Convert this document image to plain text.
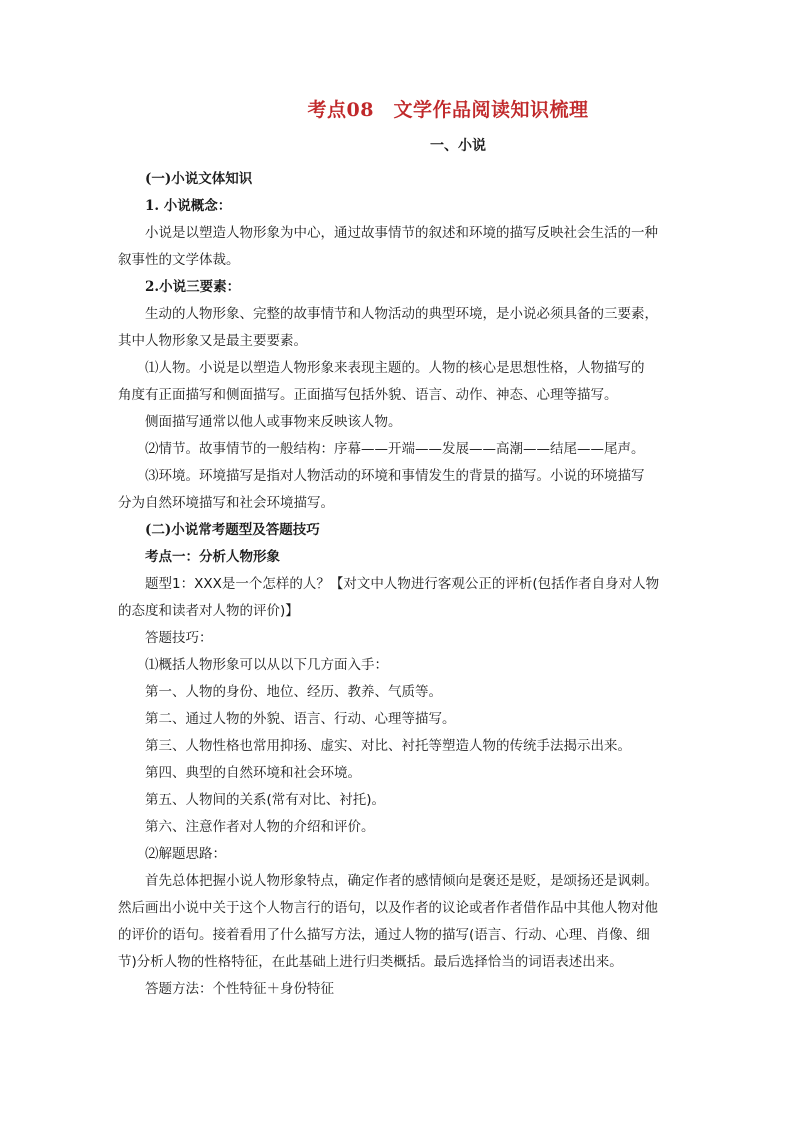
考点08　文学作品阅读知识梳理
一、小说
(一)小说文体知识
1. 小说概念：
小说是以塑造人物形象为中心，通过故事情节的叙述和环境的描写反映社会生活的一种
叙事性的文学体裁。
2.小说三要素：
生动的人物形象、完整的故事情节和人物活动的典型环境，是小说必须具备的三要素，
其中人物形象又是最主要要素。
⑴人物。小说是以塑造人物形象来表现主题的。人物的核心是思想性格，人物描写的
角度有正面描写和侧面描写。正面描写包括外貌、语言、动作、神态、心理等描写。
侧面描写通常以他人或事物来反映该人物。
⑵情节。故事情节的一般结构：序幕——开端——发展——高潮——结尾——尾声。
⑶环境。环境描写是指对人物活动的环境和事情发生的背景的描写。小说的环境描写
分为自然环境描写和社会环境描写。
(二)小说常考题型及答题技巧
考点一：分析人物形象
题型1：XXX是一个怎样的人？【对文中人物进行客观公正的评析(包括作者自身对人物
的态度和读者对人物的评价)】
答题技巧：
⑴概括人物形象可以从以下几方面入手：
第一、人物的身份、地位、经历、教养、气质等。
第二、通过人物的外貌、语言、行动、心理等描写。
第三、人物性格也常用抑扬、虚实、对比、衬托等塑造人物的传统手法揭示出来。
第四、典型的自然环境和社会环境。
第五、人物间的关系(常有对比、衬托)。
第六、注意作者对人物的介绍和评价。
⑵解题思路：
首先总体把握小说人物形象特点，确定作者的感情倾向是褒还是贬，是颂扬还是讽刺。
然后画出小说中关于这个人物言行的语句，以及作者的议论或者作者借作品中其他人物对他
的评价的语句。接着看用了什么描写方法，通过人物的描写(语言、行动、心理、肖像、细
节)分析人物的性格特征，在此基础上进行归类概括。最后选择恰当的词语表述出来。
答题方法：个性特征＋身份特征
